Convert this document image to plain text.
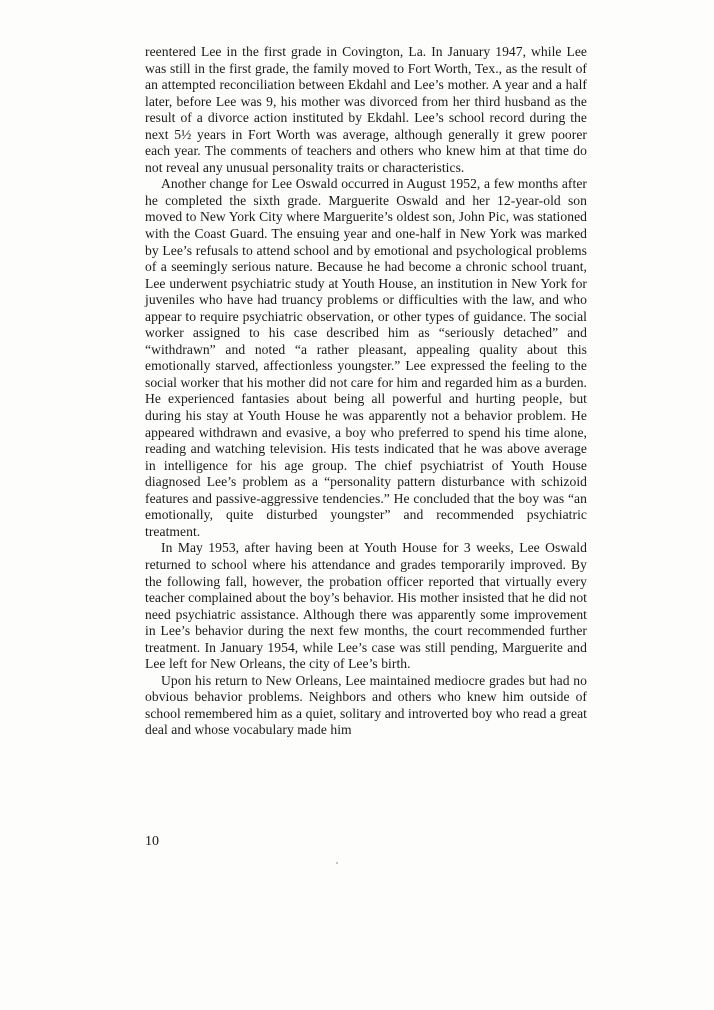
reentered Lee in the first grade in Covington, La. In January 1947, while Lee was still in the first grade, the family moved to Fort Worth, Tex., as the result of an attempted reconciliation between Ekdahl and Lee’s mother. A year and a half later, before Lee was 9, his mother was divorced from her third husband as the result of a divorce action instituted by Ekdahl. Lee’s school record during the next 5½ years in Fort Worth was average, although generally it grew poorer each year. The comments of teachers and others who knew him at that time do not reveal any unusual personality traits or characteristics.

Another change for Lee Oswald occurred in August 1952, a few months after he completed the sixth grade. Marguerite Oswald and her 12-year-old son moved to New York City where Marguerite’s oldest son, John Pic, was stationed with the Coast Guard. The ensuing year and one-half in New York was marked by Lee’s refusals to attend school and by emotional and psychological problems of a seemingly serious nature. Because he had become a chronic school truant, Lee underwent psychiatric study at Youth House, an institution in New York for juveniles who have had truancy problems or difficulties with the law, and who appear to require psychiatric observation, or other types of guidance. The social worker assigned to his case described him as “seriously detached” and “withdrawn” and noted “a rather pleasant, appealing quality about this emotionally starved, affectionless youngster.” Lee expressed the feeling to the social worker that his mother did not care for him and regarded him as a burden. He experienced fantasies about being all powerful and hurting people, but during his stay at Youth House he was apparently not a behavior problem. He appeared withdrawn and evasive, a boy who preferred to spend his time alone, reading and watching television. His tests indicated that he was above average in intelligence for his age group. The chief psychiatrist of Youth House diagnosed Lee’s problem as a “personality pattern disturbance with schizoid features and passive-aggressive tendencies.” He concluded that the boy was “an emotionally, quite disturbed youngster” and recommended psychiatric treatment.

In May 1953, after having been at Youth House for 3 weeks, Lee Oswald returned to school where his attendance and grades temporarily improved. By the following fall, however, the probation officer reported that virtually every teacher complained about the boy’s behavior. His mother insisted that he did not need psychiatric assistance. Although there was apparently some improvement in Lee’s behavior during the next few months, the court recommended further treatment. In January 1954, while Lee’s case was still pending, Marguerite and Lee left for New Orleans, the city of Lee’s birth.

Upon his return to New Orleans, Lee maintained mediocre grades but had no obvious behavior problems. Neighbors and others who knew him outside of school remembered him as a quiet, solitary and introverted boy who read a great deal and whose vocabulary made him

10
